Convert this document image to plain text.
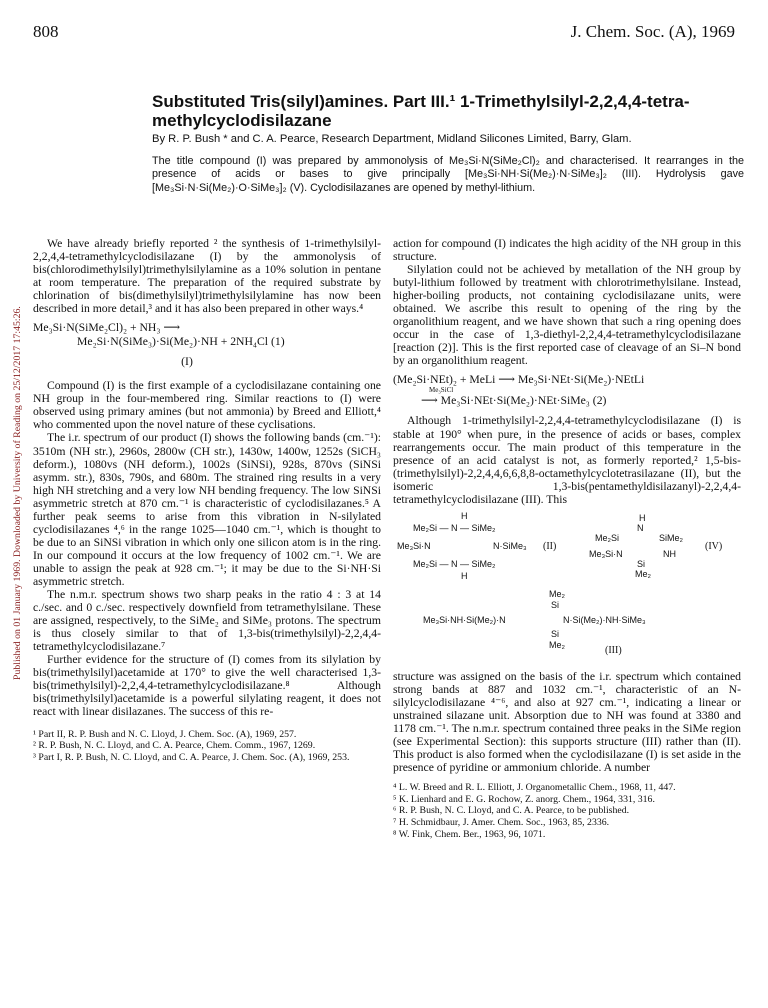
808	J. Chem. Soc. (A), 1969
Substituted Tris(silyl)amines. Part III.¹ 1-Trimethylsilyl-2,2,4,4-tetra-
methylcyclodisilazane
By R. P. Bush * and C. A. Pearce, Research Department, Midland Silicones Limited, Barry, Glam.
The title compound (I) was prepared by ammonolysis of Me₃Si·N(SiMe₂Cl)₂ and characterised. It rearranges in the presence of acids or bases to give principally [Me₃Si·NH·Si(Me₂)·N·SiMe₃]₂ (III). Hydrolysis gave [Me₃Si·N·Si(Me₂)·O·SiMe₃]₂ (V). Cyclodisilazanes are opened by methyl-lithium.
Published on 01 January 1969. Downloaded by University of Reading on 25/12/2017 17:45:26.

We have already briefly reported ² the synthesis of 1-trimethylsilyl-2,2,4,4-tetramethylcyclodisilazane (I) by the ammonolysis of bis(chlorodimethylsilyl)trimethylsilylamine as a 10% solution in pentane at room temperature. The preparation of the required substrate by chlorination of bis(dimethylsilyl)trimethylsilylamine has now been described in more detail,³ and it has also been prepared in other ways.⁴

Me₃Si·N(SiMe₂Cl)₂ + NH₃ ⟶
Me₂Si·N(SiMe₃)·Si(Me₂)·NH + 2NH₄Cl (1)
(I)

Compound (I) is the first example of a cyclodisilazane containing one NH group in the four-membered ring. Similar reactions to (I) were observed using primary amines (but not ammonia) by Breed and Elliott,⁴ who commented upon the novel nature of these cyclisations.

The i.r. spectrum of our product (I) shows the following bands (cm.⁻¹): 3510m (NH str.), 2960s, 2800w (CH str.), 1430w, 1400w, 1252s (SiCH₃ deform.), 1080vs (NH deform.), 1002s (SiNSi), 928s, 870vs (SiNSi asymm. str.), 830s, 790s, and 680m. The strained ring results in a very high NH stretching and a very low NH bending frequency. The low SiNSi asymmetric stretch at 870 cm.⁻¹ is characteristic of cyclodisilazanes.⁵ A further peak seems to arise from this vibration in N-silylated cyclodisilazanes ⁴,⁶ in the range 1025—1040 cm.⁻¹, which is thought to be due to an SiNSi vibration in which only one silicon atom is in the ring. In our compound it occurs at the low frequency of 1002 cm.⁻¹. We are unable to assign the peak at 928 cm.⁻¹; it may be due to the Si·NH·Si asymmetric stretch.

The n.m.r. spectrum shows two sharp peaks in the ratio 4 : 3 at 14 c./sec. and 0 c./sec. respectively downfield from tetramethylsilane. These are assigned, respectively, to the SiMe₂ and SiMe₃ protons. The spectrum is thus closely similar to that of 1,3-bis(trimethylsilyl)-2,2,4,4-tetramethylcyclodisilazane.⁷

Further evidence for the structure of (I) comes from its silylation by bis(trimethylsilyl)acetamide at 170° to give the well characterised 1,3-bis(trimethylsilyl)-2,2,4,4-tetramethylcyclodisilazane.⁸ Although bis(trimethylsilyl)acetamide is a powerful silylating reagent, it does not react with linear disilazanes. The success of this re-

¹ Part II, R. P. Bush and N. C. Lloyd, J. Chem. Soc. (A), 1969, 257.
² R. P. Bush, N. C. Lloyd, and C. A. Pearce, Chem. Comm., 1967, 1269.
³ Part I, R. P. Bush, N. C. Lloyd, and C. A. Pearce, J. Chem. Soc. (A), 1969, 253.

action for compound (I) indicates the high acidity of the NH group in this structure.

Silylation could not be achieved by metallation of the NH group by butyl-lithium followed by treatment with chlorotrimethylsilane. Instead, higher-boiling products, not containing cyclodisilazane units, were obtained. We ascribe this result to opening of the ring by the organolithium reagent, and we have shown that such a ring opening does occur in the case of 1,3-diethyl-2,2,4,4-tetramethylcyclodisilazane [reaction (2)]. This is the first reported case of cleavage of an Si–N bond by an organolithium reagent.

(Me₂Si·NEt)₂ + MeLi ⟶ Me₃Si·NEt·Si(Me₂)·NEtLi
Me₃SiCl
⟶ Me₃Si·NEt·Si(Me₂)·NEt·SiMe₃ (2)

Although 1-trimethylsilyl-2,2,4,4-tetramethylcyclodisilazane (I) is stable at 190° when pure, in the presence of acids or bases, complex rearrangements occur. The main product of this temperature in the presence of an acid catalyst is not, as formerly reported,² 1,5-bis-(trimethylsilyl)-2,2,4,4,6,6,8,8-octamethylcyclotetrasilazane (II), but the isomeric 1,3-bis(pentamethyldisilazanyl)-2,2,4,4-tetramethylcyclodisilazane (III). This

H
Me₂Si — N — SiMe₂
Me₃Si·N	N·SiMe₃
Me₂Si — N — SiMe₂
H
(II)
H
N
Me₂Si	SiMe₂
Me₃Si·N	NH
Si
Me₂
(IV)
Me₂
Si
Me₃Si·NH·Si(Me₂)·N	N·Si(Me₂)·NH·SiMe₃
Si
Me₂	(III)

structure was assigned on the basis of the i.r. spectrum which contained strong bands at 887 and 1032 cm.⁻¹, characteristic of an N-silylcyclodisilazane ⁴⁻⁶, and also at 927 cm.⁻¹, indicating a linear or unstrained silazane unit. Absorption due to NH was found at 3380 and 1178 cm.⁻¹. The n.m.r. spectrum contained three peaks in the SiMe region (see Experimental Section): this supports structure (III) rather than (II). This product is also formed when the cyclodisilazane (I) is set aside in the presence of pyridine or ammonium chloride. A number

⁴ L. W. Breed and R. L. Elliott, J. Organometallic Chem., 1968, 11, 447.
⁵ K. Lienhard and E. G. Rochow, Z. anorg. Chem., 1964, 331, 316.
⁶ R. P. Bush, N. C. Lloyd, and C. A. Pearce, to be published.
⁷ H. Schmidbaur, J. Amer. Chem. Soc., 1963, 85, 2336.
⁸ W. Fink, Chem. Ber., 1963, 96, 1071.
